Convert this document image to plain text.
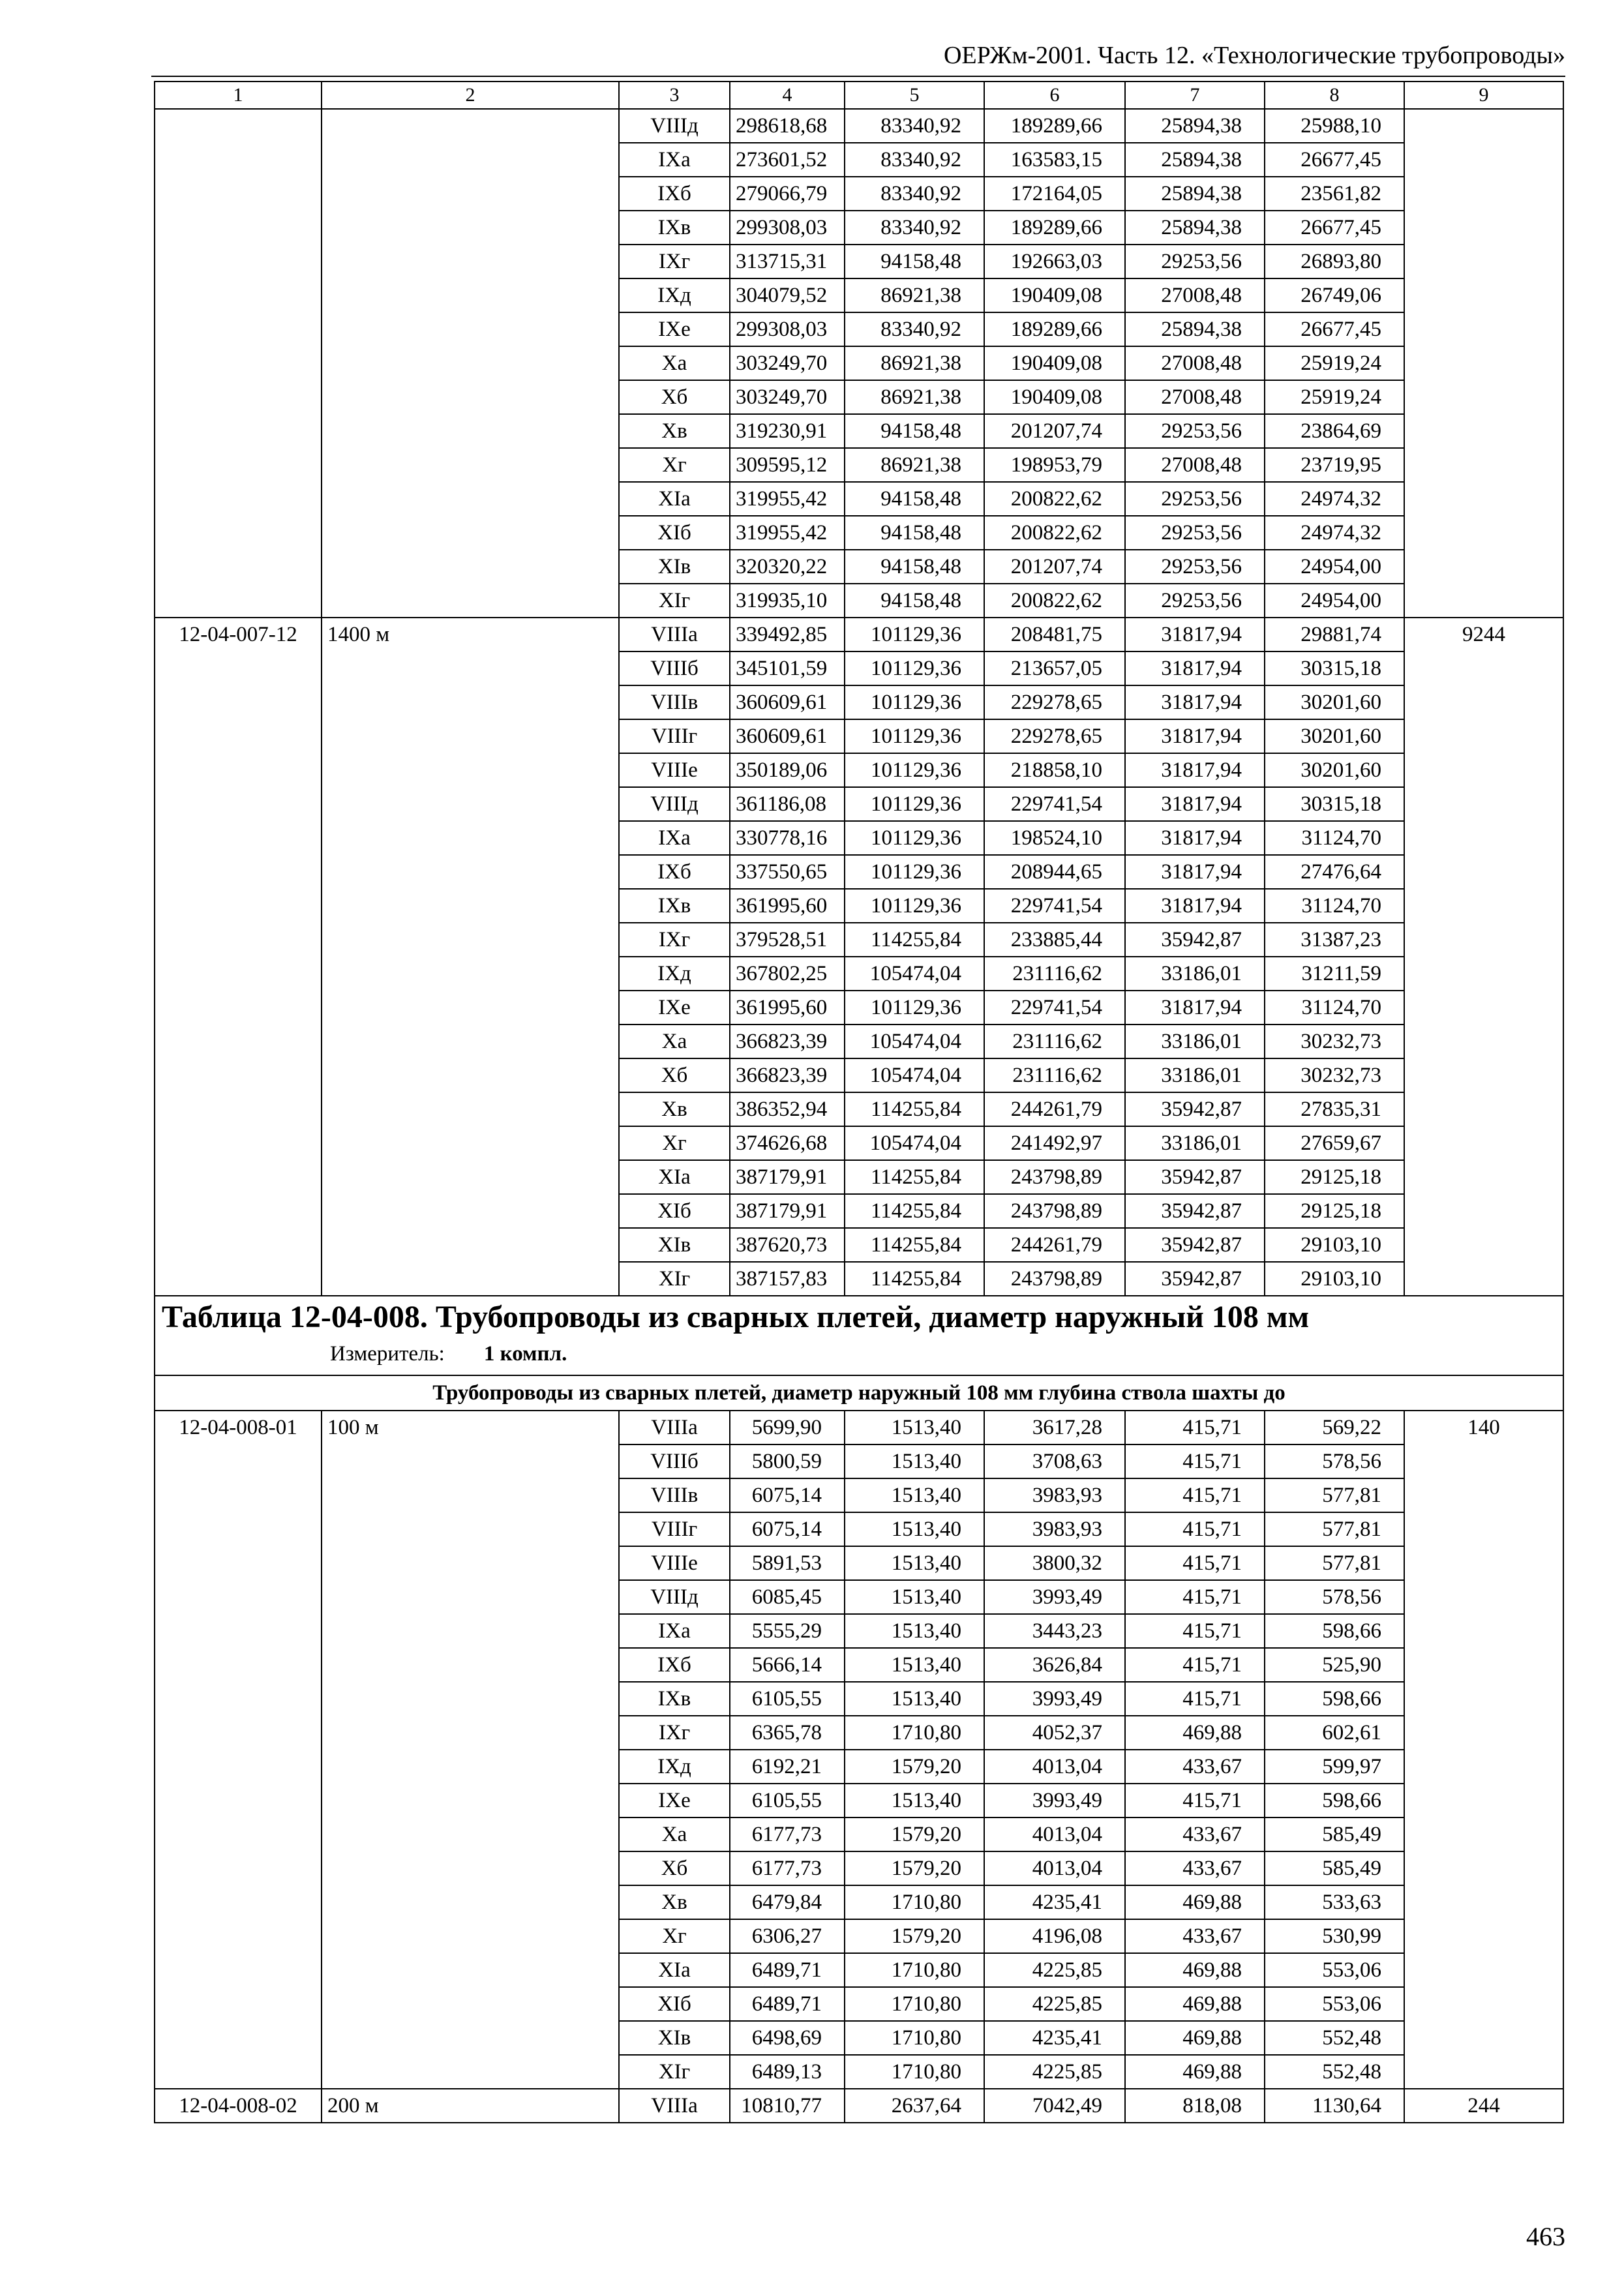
ОЕРЖм-2001. Часть 12. «Технологические трубопроводы»
1	2	3	4	5	6	7	8	9
		VIIIд	298618,68	83340,92	189289,66	25894,38	25988,10	
		IXа	273601,52	83340,92	163583,15	25894,38	26677,45	
		IXб	279066,79	83340,92	172164,05	25894,38	23561,82	
		IXв	299308,03	83340,92	189289,66	25894,38	26677,45	
		IXг	313715,31	94158,48	192663,03	29253,56	26893,80	
		IXд	304079,52	86921,38	190409,08	27008,48	26749,06	
		IXе	299308,03	83340,92	189289,66	25894,38	26677,45	
		Xа	303249,70	86921,38	190409,08	27008,48	25919,24	
		Xб	303249,70	86921,38	190409,08	27008,48	25919,24	
		Xв	319230,91	94158,48	201207,74	29253,56	23864,69	
		Xг	309595,12	86921,38	198953,79	27008,48	23719,95	
		XIа	319955,42	94158,48	200822,62	29253,56	24974,32	
		XIб	319955,42	94158,48	200822,62	29253,56	24974,32	
		XIв	320320,22	94158,48	201207,74	29253,56	24954,00	
		XIг	319935,10	94158,48	200822,62	29253,56	24954,00	
12-04-007-12	1400 м	VIIIа	339492,85	101129,36	208481,75	31817,94	29881,74	9244
		VIIIб	345101,59	101129,36	213657,05	31817,94	30315,18	
		VIIIв	360609,61	101129,36	229278,65	31817,94	30201,60	
		VIIIг	360609,61	101129,36	229278,65	31817,94	30201,60	
		VIIIе	350189,06	101129,36	218858,10	31817,94	30201,60	
		VIIIд	361186,08	101129,36	229741,54	31817,94	30315,18	
		IXа	330778,16	101129,36	198524,10	31817,94	31124,70	
		IXб	337550,65	101129,36	208944,65	31817,94	27476,64	
		IXв	361995,60	101129,36	229741,54	31817,94	31124,70	
		IXг	379528,51	114255,84	233885,44	35942,87	31387,23	
		IXд	367802,25	105474,04	231116,62	33186,01	31211,59	
		IXе	361995,60	101129,36	229741,54	31817,94	31124,70	
		Xа	366823,39	105474,04	231116,62	33186,01	30232,73	
		Xб	366823,39	105474,04	231116,62	33186,01	30232,73	
		Xв	386352,94	114255,84	244261,79	35942,87	27835,31	
		Xг	374626,68	105474,04	241492,97	33186,01	27659,67	
		XIа	387179,91	114255,84	243798,89	35942,87	29125,18	
		XIб	387179,91	114255,84	243798,89	35942,87	29125,18	
		XIв	387620,73	114255,84	244261,79	35942,87	29103,10	
		XIг	387157,83	114255,84	243798,89	35942,87	29103,10	

Таблица 12-04-008. Трубопроводы из сварных плетей, диаметр наружный 108 мм
Измеритель: 1 компл.								

Трубопроводы из сварных плетей, диаметр наружный 108 мм глубина ствола шахты до								
12-04-008-01	100 м	VIIIа	5699,90	1513,40	3617,28	415,71	569,22	140
		VIIIб	5800,59	1513,40	3708,63	415,71	578,56	
		VIIIв	6075,14	1513,40	3983,93	415,71	577,81	
		VIIIг	6075,14	1513,40	3983,93	415,71	577,81	
		VIIIе	5891,53	1513,40	3800,32	415,71	577,81	
		VIIIд	6085,45	1513,40	3993,49	415,71	578,56	
		IXа	5555,29	1513,40	3443,23	415,71	598,66	
		IXб	5666,14	1513,40	3626,84	415,71	525,90	
		IXв	6105,55	1513,40	3993,49	415,71	598,66	
		IXг	6365,78	1710,80	4052,37	469,88	602,61	
		IXд	6192,21	1579,20	4013,04	433,67	599,97	
		IXе	6105,55	1513,40	3993,49	415,71	598,66	
		Xа	6177,73	1579,20	4013,04	433,67	585,49	
		Xб	6177,73	1579,20	4013,04	433,67	585,49	
		Xв	6479,84	1710,80	4235,41	469,88	533,63	
		Xг	6306,27	1579,20	4196,08	433,67	530,99	
		XIа	6489,71	1710,80	4225,85	469,88	553,06	
		XIб	6489,71	1710,80	4225,85	469,88	553,06	
		XIв	6498,69	1710,80	4235,41	469,88	552,48	
		XIг	6489,13	1710,80	4225,85	469,88	552,48	
12-04-008-02	200 м	VIIIа	10810,77	2637,64	7042,49	818,08	1130,64	244
463
